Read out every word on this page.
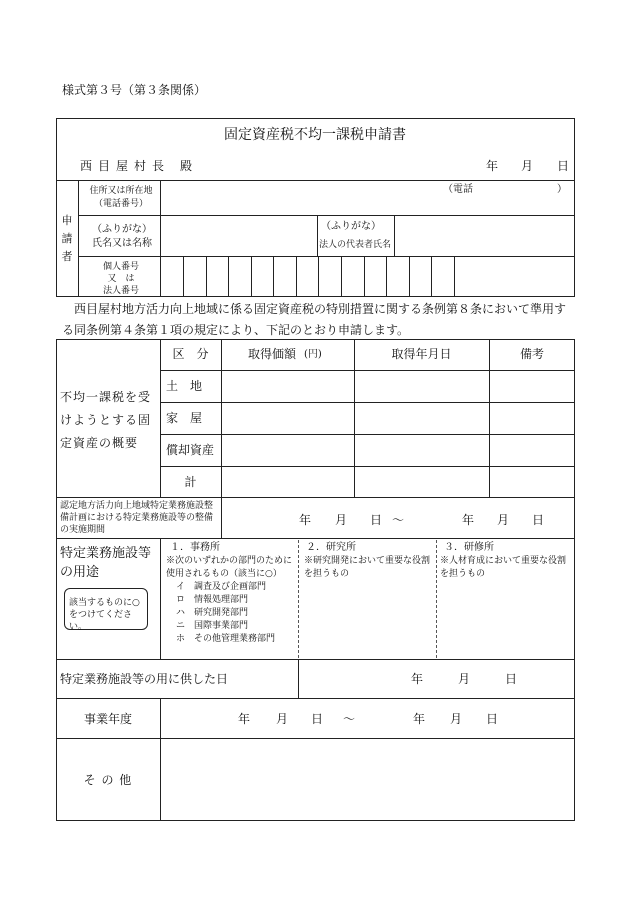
様式第３号（第３条関係）
固定資産税不均一課税申請書
西目屋村長 殿	年 月 日
申
請
者
住所又は所在地
（電話番号）
（電話	）
（ふりがな）
氏名又は名称
（ふりがな）
法人の代表者氏名
個人番号
又　は
法人番号
西目屋村地方活力向上地域に係る固定資産税の特別措置に関する条例第８条において準用する同条例第４条第１項の規定により、下記のとおり申請します。
不均一課税を受けようとする固定資産の概要
区　分	取得価額 (円)	取得年月日	備考
土　地
家　屋
償却資産
計
認定地方活力向上地域特定業務施設整備計画における特定業務施設等の整備の実施期間
年 月 日 ～	年 月 日
特定業務施設等の用途
該当するものに○をつけてください。
１．事務所
※次のいずれかの部門のために使用されるもの（該当に○）
イ　調査及び企画部門
ロ　情報処理部門
ハ　研究開発部門
ニ　国際事業部門
ホ　その他管理業務部門
２．研究所
※研究開発において重要な役割を担うもの
３．研修所
※人材育成において重要な役割を担うもの
特定業務施設等の用に供した日	年	月	日
事業年度	年 月 日 ～	年 月 日
そ の 他
